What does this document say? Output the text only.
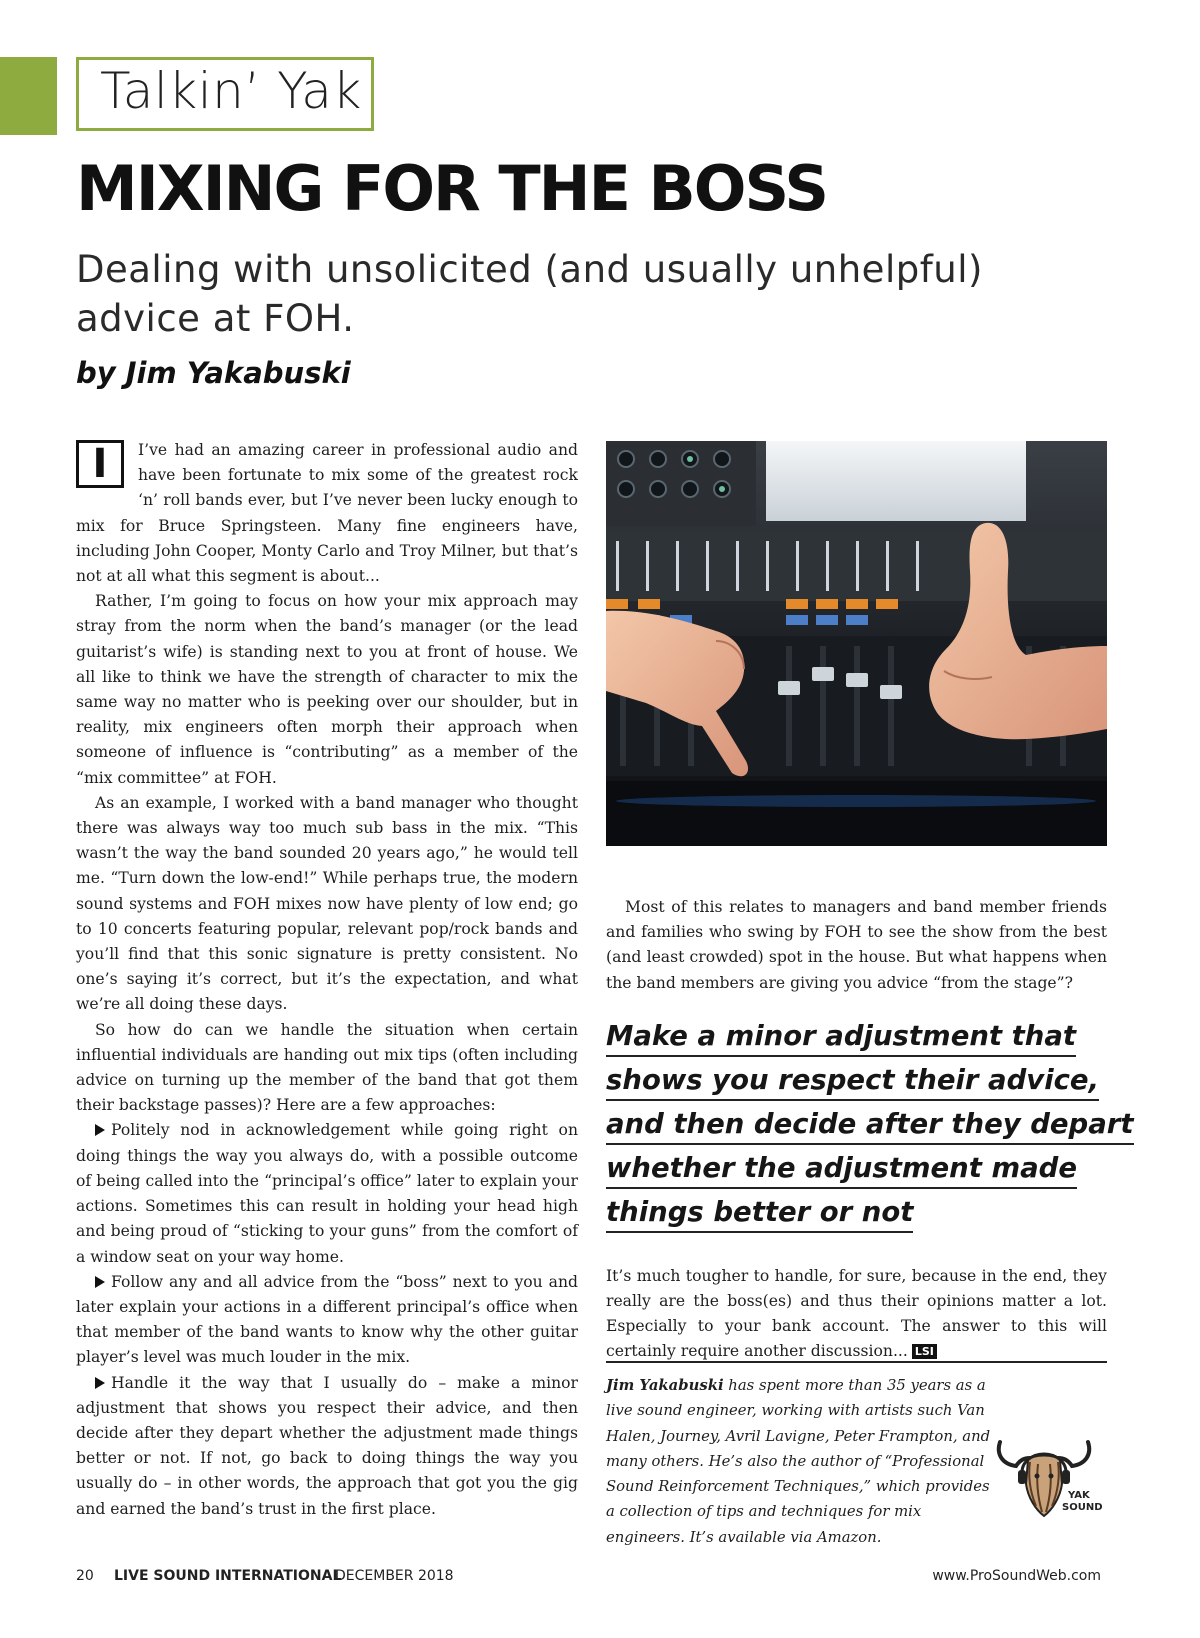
Talkin’ Yak
MIXING FOR THE BOSS
Dealing with unsolicited (and usually unhelpful) advice at FOH.
by Jim Yakabuski

I	I’ve had an amazing career in professional audio and have been fortunate to mix some of the greatest rock ‘n’ roll bands ever, but I’ve never been lucky enough to mix for Bruce Springsteen. Many fine engineers have, including John Cooper, Monty Carlo and Troy Milner, but that’s not at all what this segment is about...

Rather, I’m going to focus on how your mix approach may stray from the norm when the band’s manager (or the lead guitarist’s wife) is standing next to you at front of house. We all like to think we have the strength of character to mix the same way no matter who is peeking over our shoulder, but in reality, mix engineers often morph their approach when someone of influence is “contributing” as a member of the “mix committee” at FOH.

As an example, I worked with a band manager who thought there was always way too much sub bass in the mix. “This wasn’t the way the band sounded 20 years ago,” he would tell me. “Turn down the low-end!” While perhaps true, the modern sound systems and FOH mixes now have plenty of low end; go to 10 concerts featuring popular, relevant pop/rock bands and you’ll find that this sonic signature is pretty consistent. No one’s saying it’s correct, but it’s the expectation, and what we’re all doing these days.

So how do can we handle the situation when certain influential individuals are handing out mix tips (often including advice on turning up the member of the band that got them their backstage passes)? Here are a few approaches:

Politely nod in acknowledgement while going right on doing things the way you always do, with a possible outcome of being called into the “principal’s office” later to explain your actions. Sometimes this can result in holding your head high and being proud of “sticking to your guns” from the comfort of a window seat on your way home.

Follow any and all advice from the “boss” next to you and later explain your actions in a different principal’s office when that member of the band wants to know why the other guitar player’s level was much louder in the mix.

Handle it the way that I usually do – make a minor adjustment that shows you respect their advice, and then decide after they depart whether the adjustment made things better or not. If not, go back to doing things the way you usually do – in other words, the approach that got you the gig and earned the band’s trust in the first place.

Most of this relates to managers and band member friends and families who swing by FOH to see the show from the best (and least crowded) spot in the house. But what happens when the band members are giving you advice “from the stage”?

Make a minor adjustment that
shows you respect their advice,
and then decide after they depart
whether the adjustment made
things better or not

It’s much tougher to handle, for sure, because in the end, they really are the boss(es) and thus their opinions matter a lot. Especially to your bank account. The answer to this will certainly require another discussion... LSI

Jim Yakabuski has spent more than 35 years as a live sound engineer, working with artists such Van Halen, Journey, Avril Lavigne, Peter Frampton, and many others. He’s also the author of “Professional Sound Reinforcement Techniques,” which provides a collection of tips and techniques for mix engineers. It’s available via Amazon.
YAK
SOUND
20 LIVE SOUND INTERNATIONAL
DECEMBER 2018	www.ProSoundWeb.com
